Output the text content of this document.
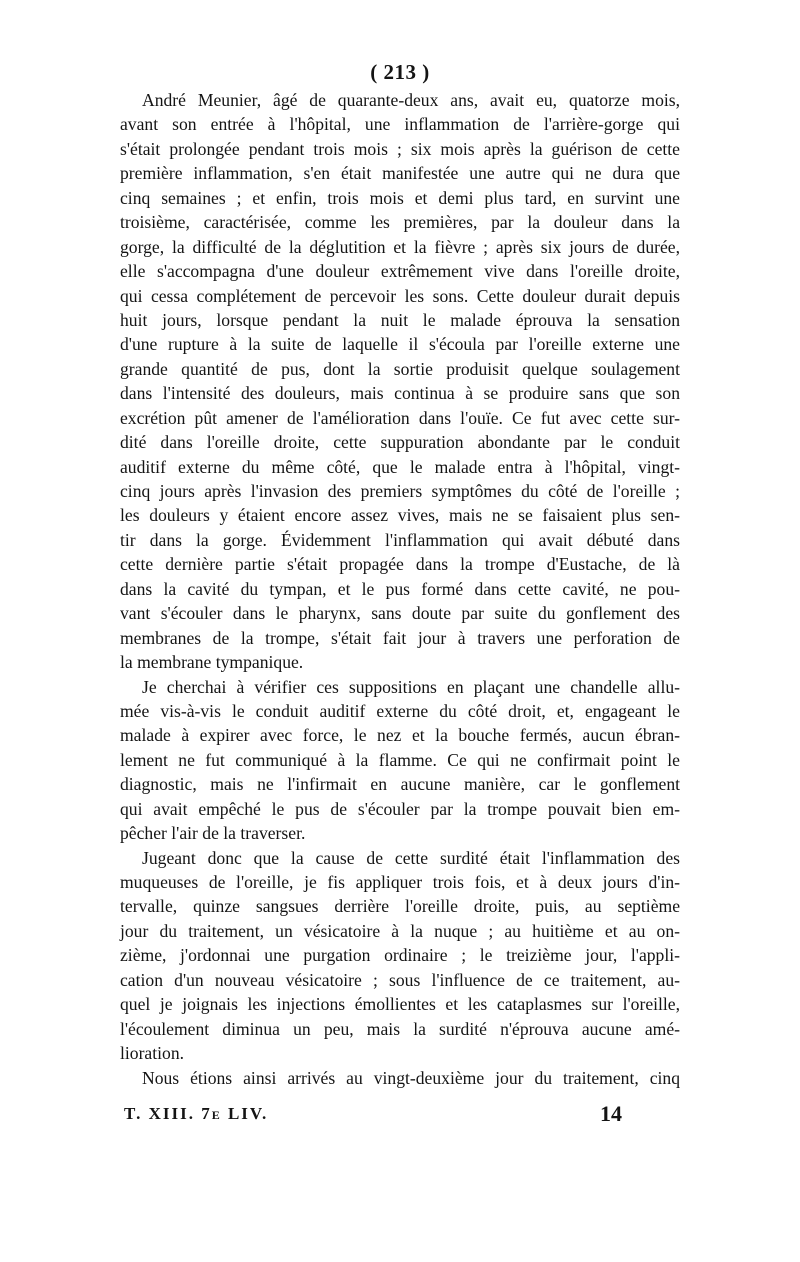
( 213 )
André Meunier, âgé de quarante-deux ans, avait eu, quatorze mois,
avant son entrée à l'hôpital, une inflammation de l'arrière-gorge qui
s'était prolongée pendant trois mois ; six mois après la guérison de cette
première inflammation, s'en était manifestée une autre qui ne dura que
cinq semaines ; et enfin, trois mois et demi plus tard, en survint une
troisième, caractérisée, comme les premières, par la douleur dans la
gorge, la difficulté de la déglutition et la fièvre ; après six jours de durée,
elle s'accompagna d'une douleur extrêmement vive dans l'oreille droite,
qui cessa complétement de percevoir les sons. Cette douleur durait depuis
huit jours, lorsque pendant la nuit le malade éprouva la sensation
d'une rupture à la suite de laquelle il s'écoula par l'oreille externe une
grande quantité de pus, dont la sortie produisit quelque soulagement
dans l'intensité des douleurs, mais continua à se produire sans que son
excrétion pût amener de l'amélioration dans l'ouïe. Ce fut avec cette sur-
dité dans l'oreille droite, cette suppuration abondante par le conduit
auditif externe du même côté, que le malade entra à l'hôpital, vingt-
cinq jours après l'invasion des premiers symptômes du côté de l'oreille ;
les douleurs y étaient encore assez vives, mais ne se faisaient plus sen-
tir dans la gorge. Évidemment l'inflammation qui avait débuté dans
cette dernière partie s'était propagée dans la trompe d'Eustache, de là
dans la cavité du tympan, et le pus formé dans cette cavité, ne pou-
vant s'écouler dans le pharynx, sans doute par suite du gonflement des
membranes de la trompe, s'était fait jour à travers une perforation de
la membrane tympanique.
Je cherchai à vérifier ces suppositions en plaçant une chandelle allu-
mée vis-à-vis le conduit auditif externe du côté droit, et, engageant le
malade à expirer avec force, le nez et la bouche fermés, aucun ébran-
lement ne fut communiqué à la flamme. Ce qui ne confirmait point le
diagnostic, mais ne l'infirmait en aucune manière, car le gonflement
qui avait empêché le pus de s'écouler par la trompe pouvait bien em-
pêcher l'air de la traverser.
Jugeant donc que la cause de cette surdité était l'inflammation des
muqueuses de l'oreille, je fis appliquer trois fois, et à deux jours d'in-
tervalle, quinze sangsues derrière l'oreille droite, puis, au septième
jour du traitement, un vésicatoire à la nuque ; au huitième et au on-
zième, j'ordonnai une purgation ordinaire ; le treizième jour, l'appli-
cation d'un nouveau vésicatoire ; sous l'influence de ce traitement, au-
quel je joignais les injections émollientes et les cataplasmes sur l'oreille,
l'écoulement diminua un peu, mais la surdité n'éprouva aucune amé-
lioration.
Nous étions ainsi arrivés au vingt-deuxième jour du traitement, cinq
T. XIII. 7e LIV.	14
